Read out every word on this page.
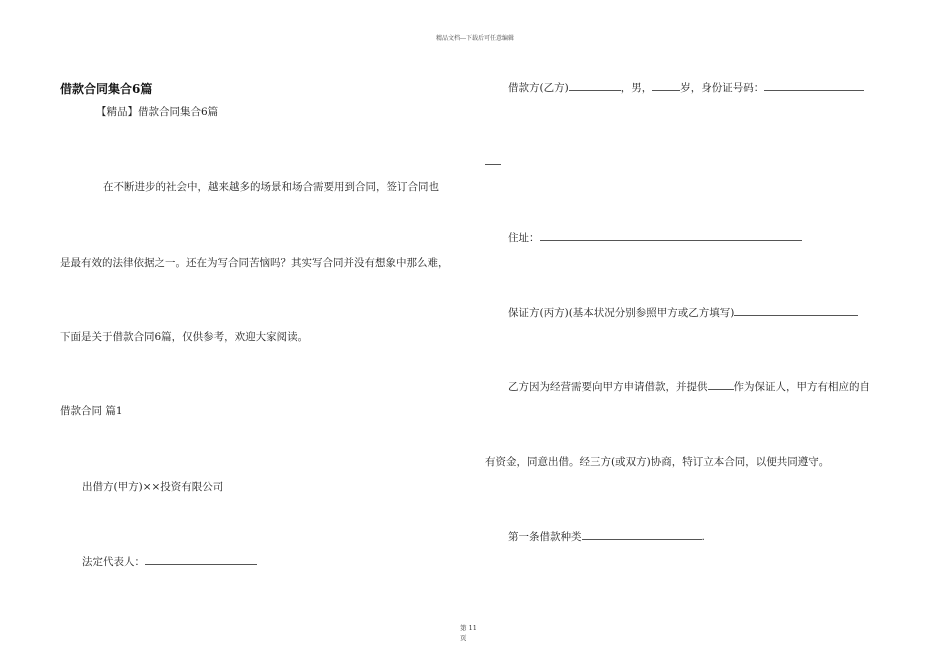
精品文档---下载后可任意编辑
借款合同集合6篇
【精品】借款合同集合6篇
在不断进步的社会中，越来越多的场景和场合需要用到合同，签订合同也
是最有效的法律依据之一。还在为写合同苦恼吗？其实写合同并没有想象中那么难，
下面是关于借款合同6篇，仅供参考，欢迎大家阅读。
借款合同 篇1
出借方(甲方)××投资有限公司
法定代表人：
借款方(乙方)	，男，	岁，身份证号码：
住址：
保证方(丙方)(基本状况分别参照甲方或乙方填写)
乙方因为经营需要向甲方申请借款，并提供 作为保证人，甲方有相应的自
有资金，同意出借。经三方(或双方)协商，特订立本合同，以便共同遵守。
第一条借款种类	.
第 11
页
